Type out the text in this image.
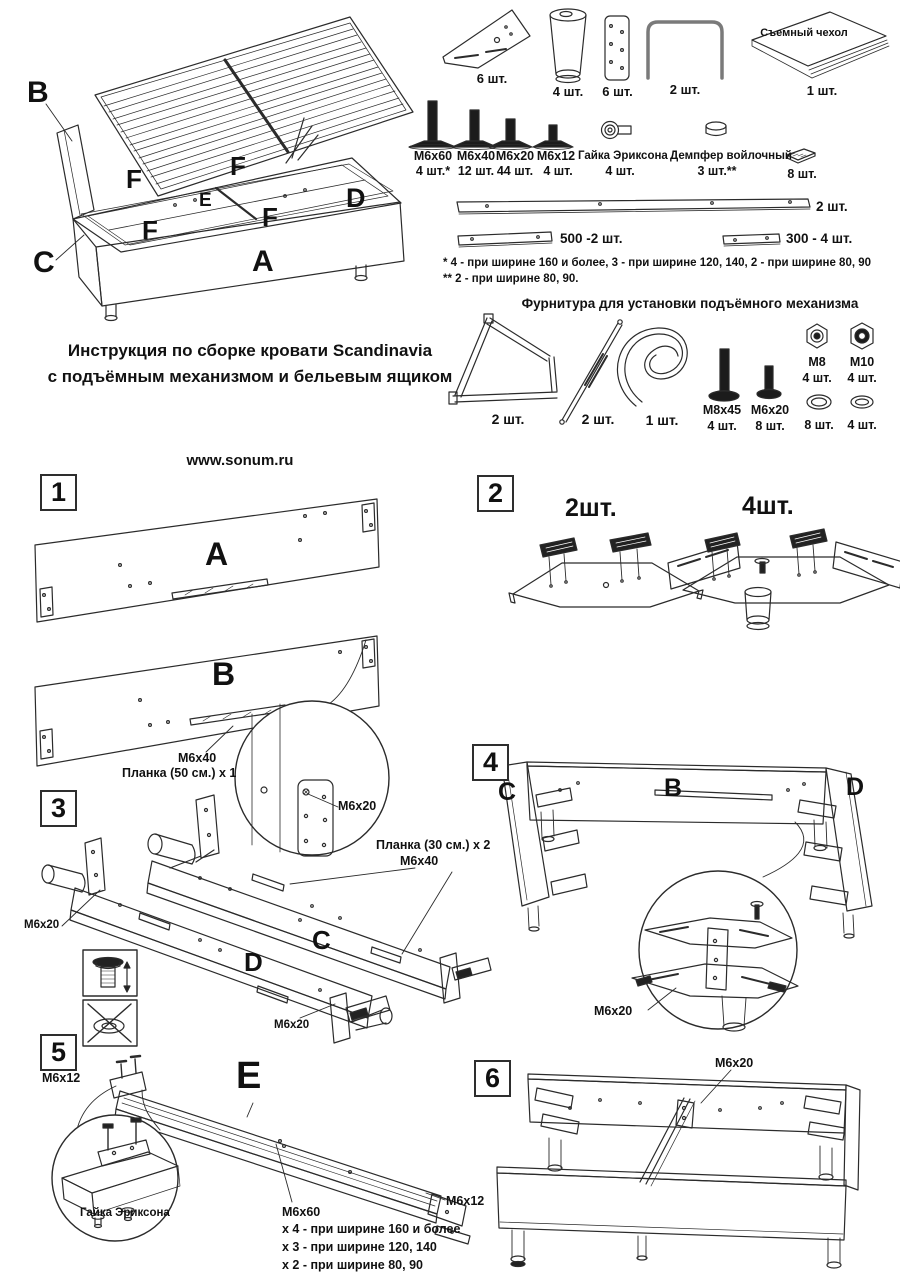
Инструкция по сборке кровати Scandinavia
с подъёмным механизмом и бельевым ящиком
www.sonum.ru
B
C	A
D
E
F	F
F	F
6 шт.
4 шт.	6 шт.	2 шт.	1 шт.
Съемный чехол
М6х60
4 шт.*
М6х40
12 шт.
М6х20
44 шт.
М6х12
4 шт.
Гайка Эриксона
4 шт.
Демпфер войлочный
3 шт.**	8 шт.
2 шт.
500 -2 шт.	300 - 4 шт.
* 4 - при ширине 160 и более, 3 - при ширине 120, 140, 2 - при ширине 80, 90
** 2 - при ширине 80, 90.
Фурнитура для установки подъёмного механизма
2 шт.	2 шт.	1 шт.
М8х45
4 шт.
М6х20
8 шт.
М8
4 шт.
М10
4 шт.
8 шт.	4 шт.
1	2
3
4
5
6
A
B
М6х40
Планка (50 см.) х 1
М6х20
2шт.	4шт.
C
D
М6х20
Планка (30 см.) х 2
М6х40
М6х20
C	B	D
М6х20
E
М6х12
Гайка Эриксона	М6х60
х 4 - при ширине 160 и более
х 3 - при ширине 120, 140
х 2 - при ширине 80, 90
М6х12
М6х20
